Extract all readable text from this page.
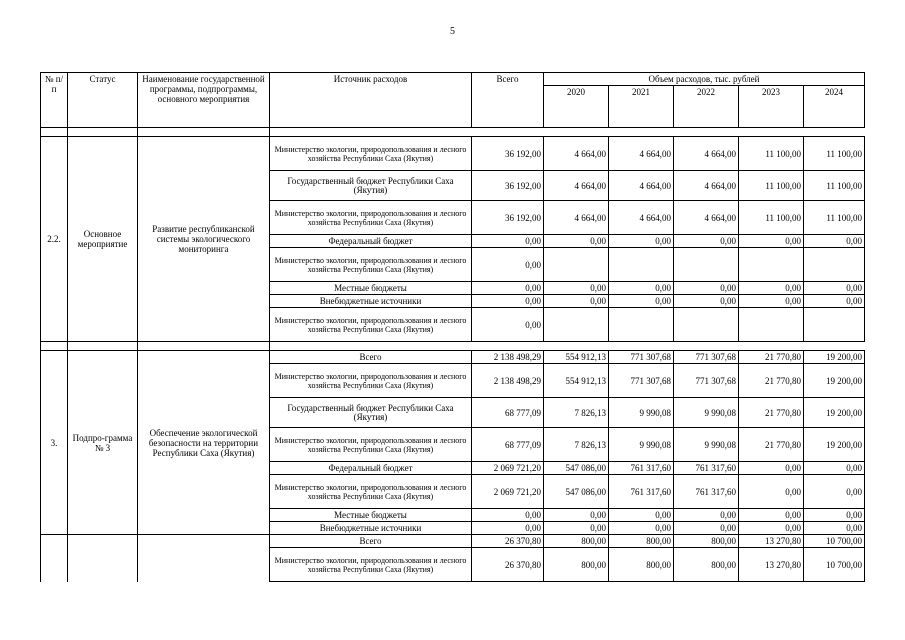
5
№ п/п	Статус	Наименование государственной программы, подпрограммы, основного мероприятия	Источник расходов	Всего	Объем расходов, тыс. рублей				
					2020	2021	2022	2023	2024

2.2.	Основное мероприятие	Развитие республиканской системы экологического мониторинга	Министерство экологии, природопользования и лесного хозяйства Республики Саха (Якутия)	36 192,00	4 664,00	4 664,00	4 664,00	11 100,00	11 100,00
			Государственный бюджет Республики Саха (Якутия)	36 192,00	4 664,00	4 664,00	4 664,00	11 100,00	11 100,00
			Министерство экологии, природопользования и лесного хозяйства Республики Саха (Якутия)	36 192,00	4 664,00	4 664,00	4 664,00	11 100,00	11 100,00
			Федеральный бюджет	0,00	0,00	0,00	0,00	0,00	0,00
			Министерство экологии, природопользования и лесного хозяйства Республики Саха (Якутия)	0,00					
			Местные бюджеты	0,00	0,00	0,00	0,00	0,00	0,00
			Внебюджетные источники	0,00	0,00	0,00	0,00	0,00	0,00
			Министерство экологии, природопользования и лесного хозяйства Республики Саха (Якутия)	0,00					

3.	Подпро-грамма № 3	Обеспечение экологической безопасности на территории Республики Саха (Якутия)	Всего	2 138 498,29	554 912,13	771 307,68	771 307,68	21 770,80	19 200,00
			Министерство экологии, природопользования и лесного хозяйства Республики Саха (Якутия)	2 138 498,29	554 912,13	771 307,68	771 307,68	21 770,80	19 200,00
			Государственный бюджет Республики Саха (Якутия)	68 777,09	7 826,13	9 990,08	9 990,08	21 770,80	19 200,00
			Министерство экологии, природопользования и лесного хозяйства Республики Саха (Якутия)	68 777,09	7 826,13	9 990,08	9 990,08	21 770,80	19 200,00
			Федеральный бюджет	2 069 721,20	547 086,00	761 317,60	761 317,60	0,00	0,00
			Министерство экологии, природопользования и лесного хозяйства Республики Саха (Якутия)	2 069 721,20	547 086,00	761 317,60	761 317,60	0,00	0,00
			Местные бюджеты	0,00	0,00	0,00	0,00	0,00	0,00
			Внебюджетные источники	0,00	0,00	0,00	0,00	0,00	0,00
			Всего	26 370,80	800,00	800,00	800,00	13 270,80	10 700,00
			Министерство экологии, природопользования и лесного хозяйства Республики Саха (Якутия)	26 370,80	800,00	800,00	800,00	13 270,80	10 700,00
